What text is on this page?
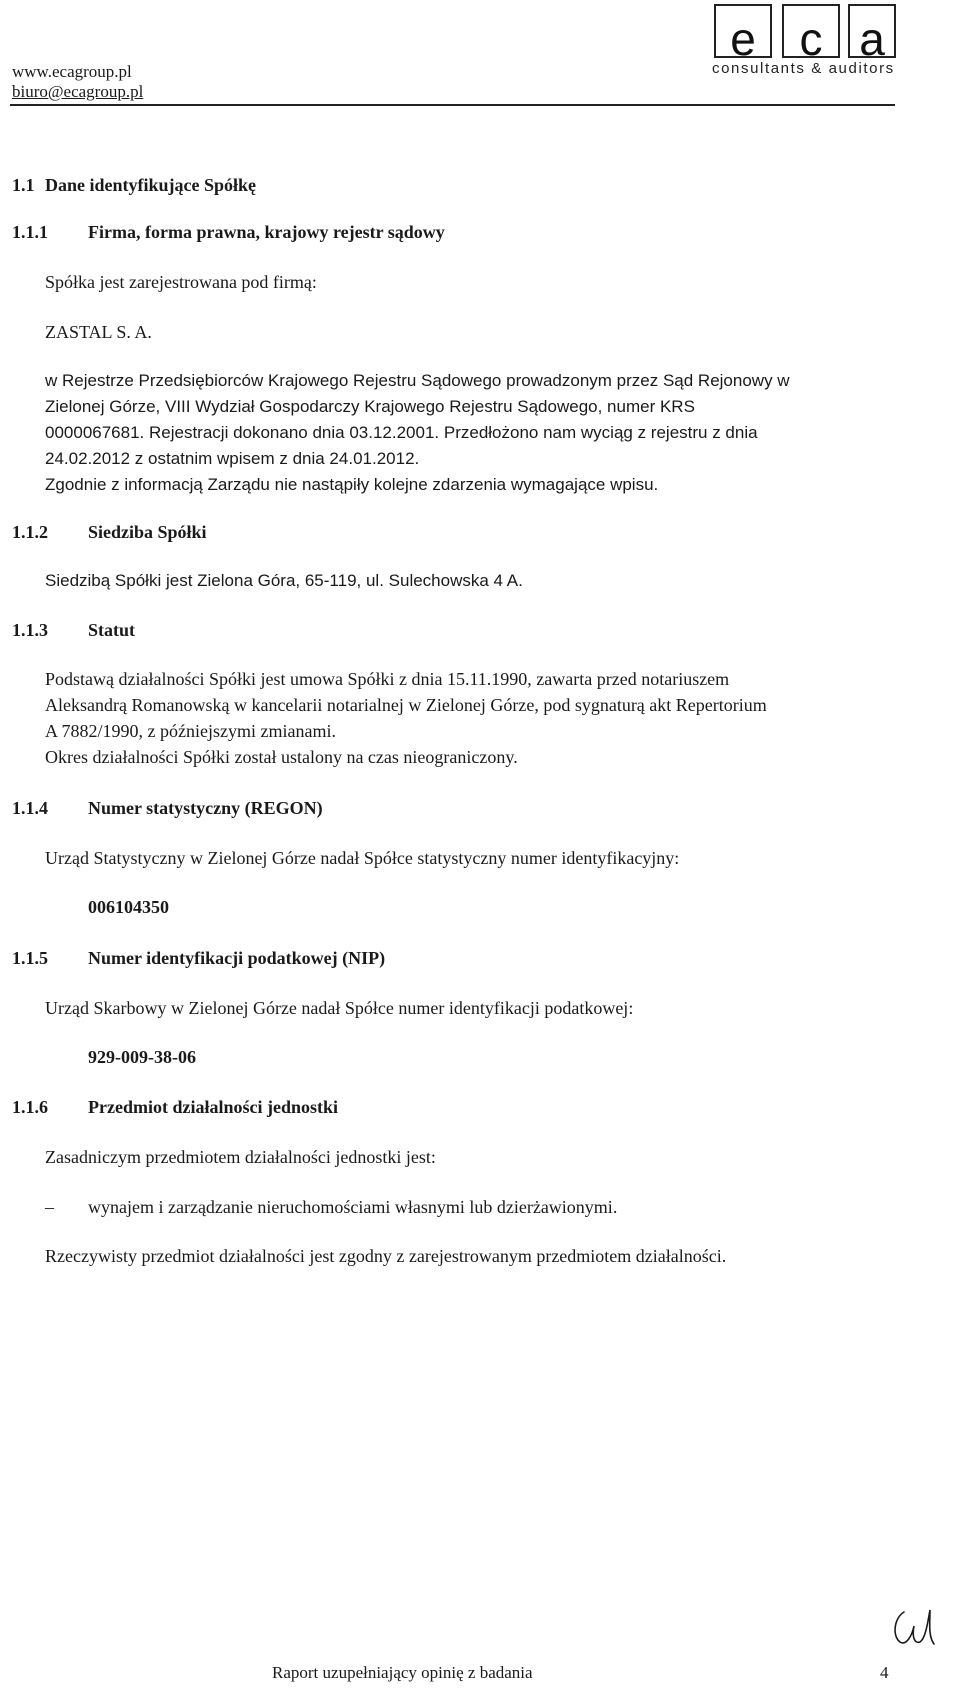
www.ecagroup.pl
biuro@ecagroup.pl
e c a
consultants & auditors
1.1 Dane identyfikujące Spółkę
1.1.1 Firma, forma prawna, krajowy rejestr sądowy
Spółka jest zarejestrowana pod firmą:
ZASTAL S. A.
w Rejestrze Przedsiębiorców Krajowego Rejestru Sądowego prowadzonym przez Sąd Rejonowy w
Zielonej Górze, VIII Wydział Gospodarczy Krajowego Rejestru Sądowego, numer KRS
0000067681. Rejestracji dokonano dnia 03.12.2001. Przedłożono nam wyciąg z rejestru z dnia
24.02.2012 z ostatnim wpisem z dnia 24.01.2012.
Zgodnie z informacją Zarządu nie nastąpiły kolejne zdarzenia wymagające wpisu.
1.1.2 Siedziba Spółki
Siedzibą Spółki jest Zielona Góra, 65-119, ul. Sulechowska 4 A.
1.1.3 Statut
Podstawą działalności Spółki jest umowa Spółki z dnia 15.11.1990, zawarta przed notariuszem
Aleksandrą Romanowską w kancelarii notarialnej w Zielonej Górze, pod sygnaturą akt Repertorium
A 7882/1990, z późniejszymi zmianami.
Okres działalności Spółki został ustalony na czas nieograniczony.
1.1.4 Numer statystyczny (REGON)
Urząd Statystyczny w Zielonej Górze nadał Spółce statystyczny numer identyfikacyjny:
006104350
1.1.5 Numer identyfikacji podatkowej (NIP)
Urząd Skarbowy w Zielonej Górze nadał Spółce numer identyfikacji podatkowej:
929-009-38-06
1.1.6 Przedmiot działalności jednostki
Zasadniczym przedmiotem działalności jednostki jest:
– wynajem i zarządzanie nieruchomościami własnymi lub dzierżawionymi.
Rzeczywisty przedmiot działalności jest zgodny z zarejestrowanym przedmiotem działalności.
Raport uzupełniający opinię z badania	4
